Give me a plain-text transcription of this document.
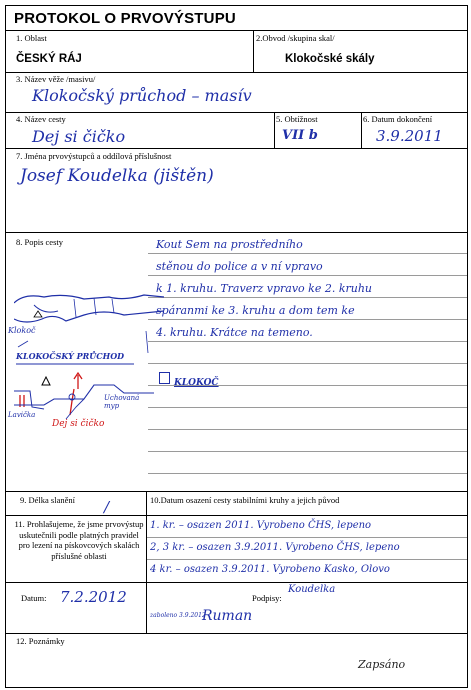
PROTOKOL O PRVOVÝSTUPU
1. Oblast
ČESKÝ RÁJ
2.Obvod /skupina skal/
Klokočské skály
3. Název věže /masivu/
Klokočský průchod – masív
4. Název cesty
Dej si čičko
5. Obtížnost
VII b
6. Datum dokončení
3.9.2011
7. Jména prvovýstupců a oddílová příslušnost
Josef Koudelka (jištěn)
8. Popis cesty	Kout Sem na prostředního
stěnou do police a v ní vpravo
k 1. kruhu. Traverz vpravo ke 2. kruhu
spáranmi ke 3. kruhu a dom tem ke
4. kruhu. Krátce na temeno.
KLOKOČSKÝ PRŮCHOD
Klokoč
Uchovaná myp
Lavička
Dej si čičko
KLOKOČ
9. Délka slanění /	10.Datum osazení cesty stabilními kruhy a jejich původ
11. Prohlašujeme, že jsme prvovýstup uskutečnili podle platných pravidel pro lezení na pískovcových skalách příslušné oblasti
1. kr. – osazen 2011. Vyrobeno ČHS, lepeno
2, 3 kr. – osazen 3.9.2011. Vyrobeno ČHS, lepeno
4 kr. – osazen 3.9.2011. Vyrobeno Kasko, Olovo
Datum: 7.2.2012	Podpisy:
Koudelka
Ruman
zaboleno 3.9.2012
12. Poznámky
Zapsáno
